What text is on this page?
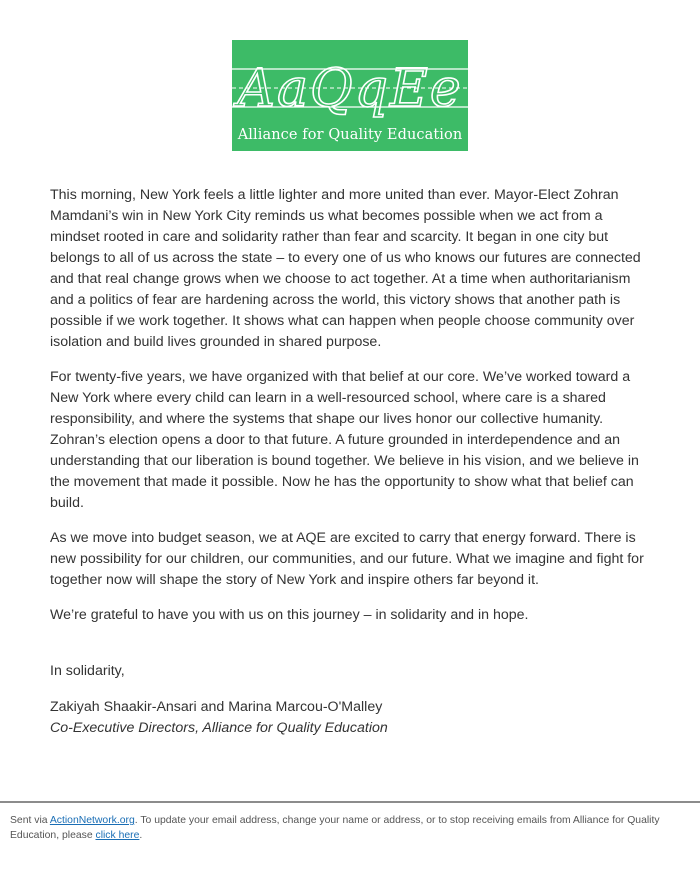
AaQqEe
Alliance for Quality Education

This morning, New York feels a little lighter and more united than ever. Mayor-Elect Zohran Mamdani’s win in New York City reminds us what becomes possible when we act from a mindset rooted in care and solidarity rather than fear and scarcity. It began in one city but belongs to all of us across the state – to every one of us who knows our futures are connected and that real change grows when we choose to act together. At a time when authoritarianism and a politics of fear are hardening across the world, this victory shows that another path is possible if we work together. It shows what can happen when people choose community over isolation and build lives grounded in shared purpose.

For twenty-five years, we have organized with that belief at our core. We’ve worked toward a New York where every child can learn in a well-resourced school, where care is a shared responsibility, and where the systems that shape our lives honor our collective humanity. Zohran’s election opens a door to that future. A future grounded in interdependence and an understanding that our liberation is bound together. We believe in his vision, and we believe in the movement that made it possible. Now he has the opportunity to show what that belief can build.

As we move into budget season, we at AQE are excited to carry that energy forward. There is new possibility for our children, our communities, and our future. What we imagine and fight for together now will shape the story of New York and inspire others far beyond it.

We’re grateful to have you with us on this journey – in solidarity and in hope.

In solidarity,

Zakiyah Shaakir-Ansari and Marina Marcou-O'Malley

Co-Executive Directors, Alliance for Quality Education

Sent via ActionNetwork.org. To update your email address, change your name or address, or to stop receiving emails from Alliance for Quality Education, please click here.
